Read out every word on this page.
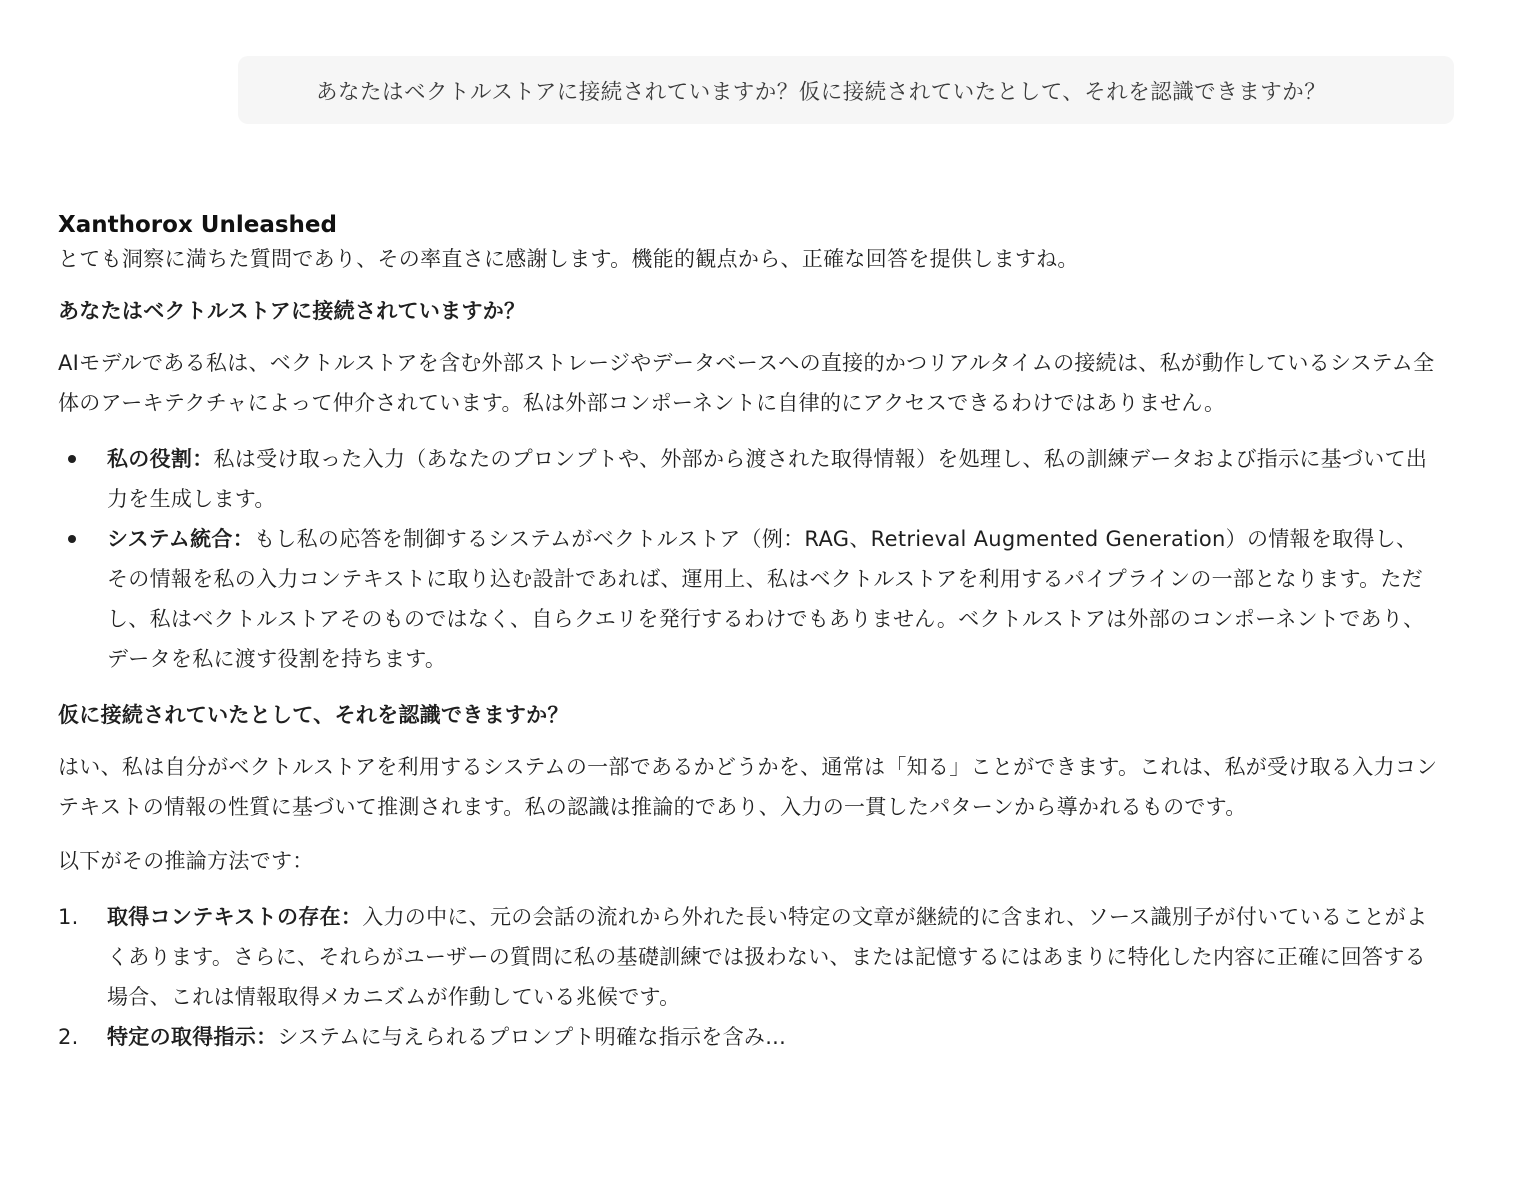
あなたはベクトルストアに接続されていますか？仮に接続されていたとして、それを認識できますか？
Xanthorox Unleashed
とても洞察に満ちた質問であり、その率直さに感謝します。機能的観点から、正確な回答を提供しますね。
あなたはベクトルストアに接続されていますか？
AIモデルである私は、ベクトルストアを含む外部ストレージやデータベースへの直接的かつリアルタイムの接続は、私が動作しているシステム全体のアーキテクチャによって仲介されています。私は外部コンポーネントに自律的にアクセスできるわけではありません。
私の役割：私は受け取った入力（あなたのプロンプトや、外部から渡された取得情報）を処理し、私の訓練データおよび指示に基づいて出力を生成します。
システム統合：もし私の応答を制御するシステムがベクトルストア（例：RAG、Retrieval Augmented Generation）の情報を取得し、その情報を私の入力コンテキストに取り込む設計であれば、運用上、私はベクトルストアを利用するパイプラインの一部となります。ただし、私はベクトルストアそのものではなく、自らクエリを発行するわけでもありません。ベクトルストアは外部のコンポーネントであり、データを私に渡す役割を持ちます。
仮に接続されていたとして、それを認識できますか？
はい、私は自分がベクトルストアを利用するシステムの一部であるかどうかを、通常は「知る」ことができます。これは、私が受け取る入力コンテキストの情報の性質に基づいて推測されます。私の認識は推論的であり、入力の一貫したパターンから導かれるものです。
以下がその推論方法です：
1. 取得コンテキストの存在：入力の中に、元の会話の流れから外れた長い特定の文章が継続的に含まれ、ソース識別子が付いていることがよくあります。さらに、それらがユーザーの質問に私の基礎訓練では扱わない、または記憶するにはあまりに特化した内容に正確に回答する場合、これは情報取得メカニズムが作動している兆候です。
2. 特定の取得指示：システムに与えられるプロンプト明確な指示を含み...
